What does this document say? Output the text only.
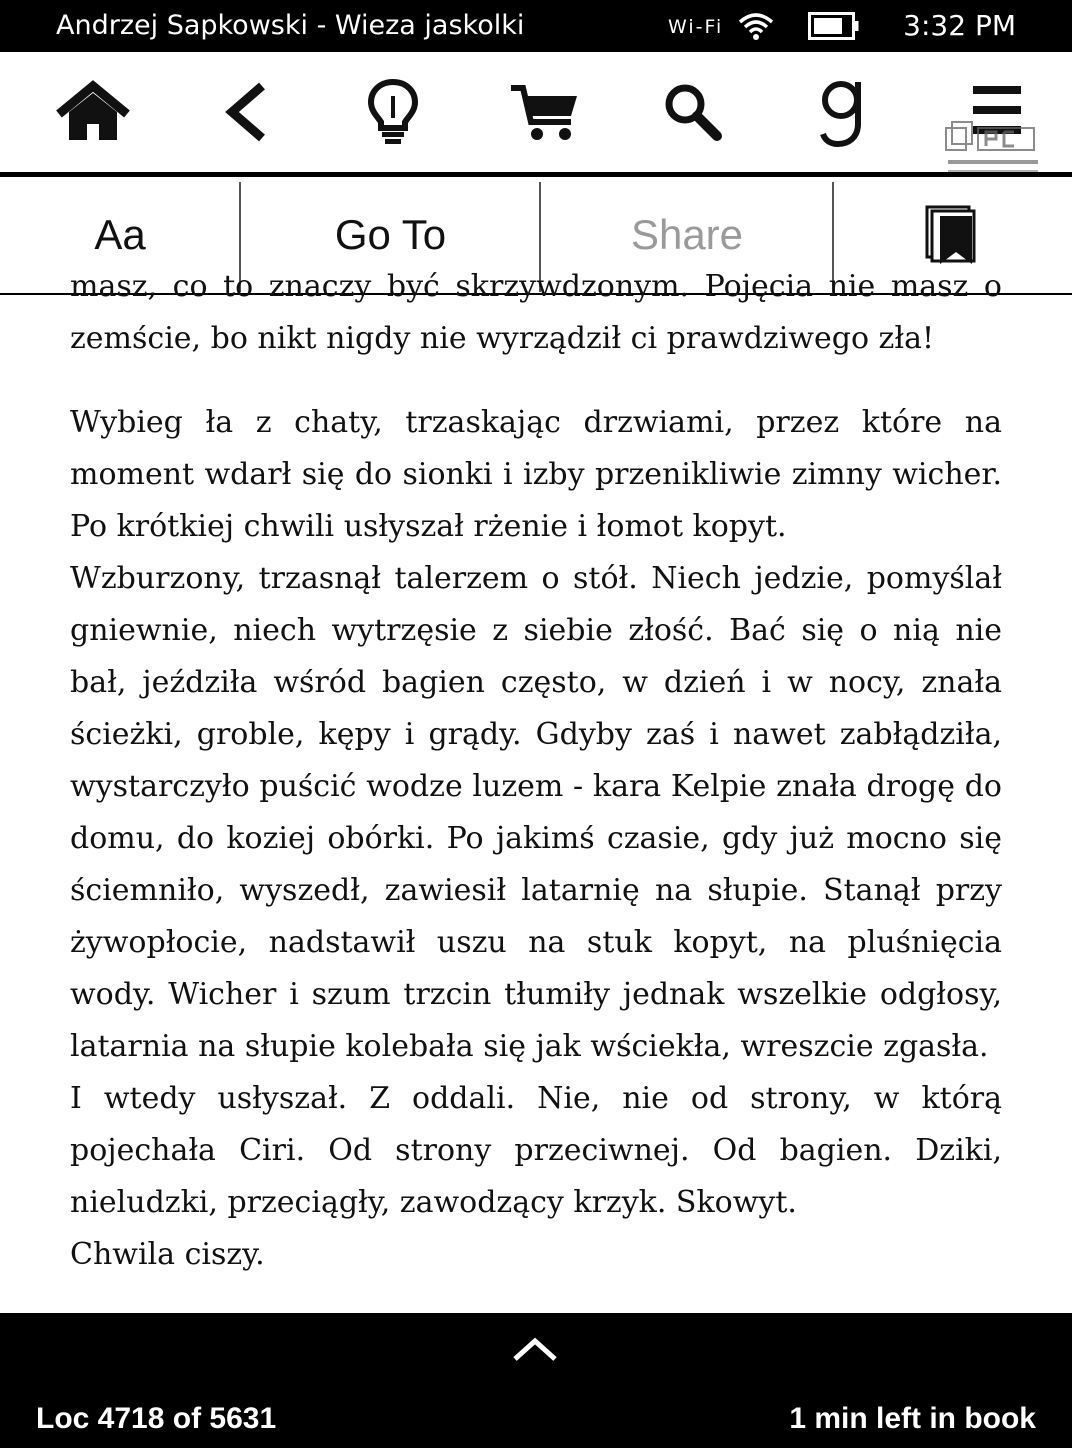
Andrzej Sapkowski - Wieza jaskolki	Wi-Fi	3:32 PM
Aa	Go To	Share

masz, co to znaczy być skrzywdzonym. Pojęcia nie masz o zemście, bo nikt nigdy nie wyrządził ci prawdziwego zła!

Wybieg ła z chaty, trzaskając drzwiami, przez które na moment wdarł się do sionki i izby przenikliwie zimny wicher. Po krótkiej chwili usłyszał rżenie i łomot kopyt.

Wzburzony, trzasnął talerzem o stół. Niech jedzie, pomyślał gniewnie, niech wytrzęsie z siebie złość. Bać się o nią nie bał, jeździła wśród bagien często, w dzień i w nocy, znała ścieżki, groble, kępy i grądy. Gdyby zaś i nawet zabłądziła, wystarczyło puścić wodze luzem - kara Kelpie znała drogę do domu, do koziej obórki. Po jakimś czasie, gdy już mocno się ściemniło, wyszedł, zawiesił latarnię na słupie. Stanął przy żywopłocie, nadstawił uszu na stuk kopyt, na pluśnięcia wody. Wicher i szum trzcin tłumiły jednak wszelkie odgłosy, latarnia na słupie kolebała się jak wściekła, wreszcie zgasła.

I wtedy usłyszał. Z oddali. Nie, nie od strony, w którą pojechała Ciri. Od strony przeciwnej. Od bagien. Dziki, nieludzki, przeciągły, zawodzący krzyk. Skowyt.

Chwila ciszy.

Loc 4718 of 5631	1 min left in book
